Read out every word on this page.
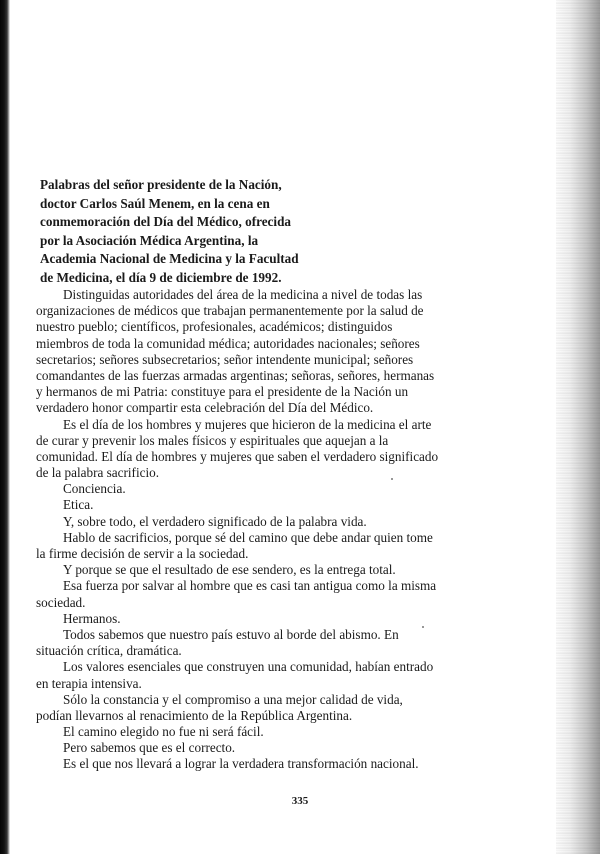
Palabras del señor presidente de la Nación,
doctor Carlos Saúl Menem, en la cena en
conmemoración del Día del Médico, ofrecida
por la Asociación Médica Argentina, la
Academia Nacional de Medicina y la Facultad
de Medicina, el día 9 de diciembre de 1992.
Distinguidas autoridades del área de la medicina a nivel de todas las
organizaciones de médicos que trabajan permanentemente por la salud de
nuestro pueblo; científicos, profesionales, académicos; distinguidos
miembros de toda la comunidad médica; autoridades nacionales; señores
secretarios; señores subsecretarios; señor intendente municipal; señores
comandantes de las fuerzas armadas argentinas; señoras, señores, hermanas
y hermanos de mi Patria: constituye para el presidente de la Nación un
verdadero honor compartir esta celebración del Día del Médico.
Es el día de los hombres y mujeres que hicieron de la medicina el arte
de curar y prevenir los males físicos y espirituales que aquejan a la
comunidad. El día de hombres y mujeres que saben el verdadero significado
de la palabra sacrificio.
Conciencia.
Etica.
Y, sobre todo, el verdadero significado de la palabra vida.
Hablo de sacrificios, porque sé del camino que debe andar quien tome
la firme decisión de servir a la sociedad.
Y porque se que el resultado de ese sendero, es la entrega total.
Esa fuerza por salvar al hombre que es casi tan antigua como la misma
sociedad.
Hermanos.
Todos sabemos que nuestro país estuvo al borde del abismo. En
situación crítica, dramática.
Los valores esenciales que construyen una comunidad, habían entrado
en terapia intensiva.
Sólo la constancia y el compromiso a una mejor calidad de vida,
podían llevarnos al renacimiento de la República Argentina.
El camino elegido no fue ni será fácil.
Pero sabemos que es el correcto.
Es el que nos llevará a lograr la verdadera transformación nacional.
335
